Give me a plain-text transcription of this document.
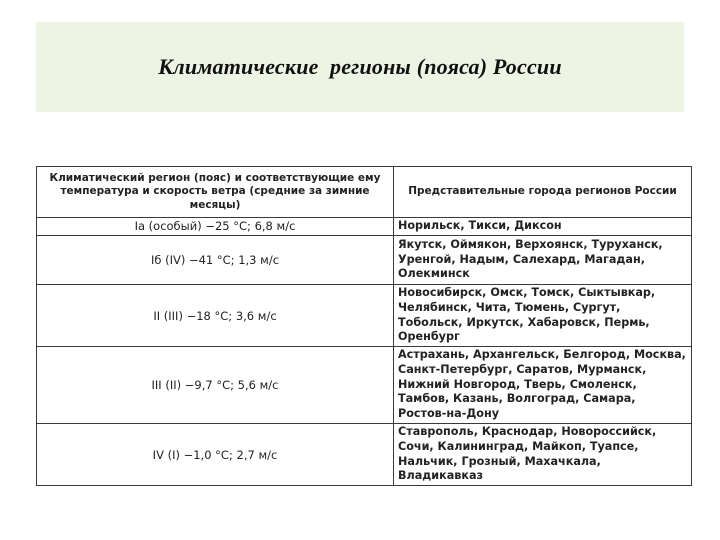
Климатические  регионы (пояса) России
Климатический регион (пояс) и соответствующие ему температура и скорость ветра (средние за зимние месяцы)	Представительные города регионов России
Iа (особый) −25 °С; 6,8 м/с	Норильск, Тикси, Диксон
Iб (IV) −41 °С; 1,3 м/с	Якутск, Оймякон, Верхоянск, Туруханск, Уренгой, Надым, Салехард, Магадан, Олекминск
II (III) −18 °С; 3,6 м/с	Новосибирск, Омск, Томск, Сыктывкар, Челябинск, Чита, Тюмень, Сургут, Тобольск, Иркутск, Хабаровск, Пермь, Оренбург
III (II) −9,7 °С; 5,6 м/с	Астрахань, Архангельск, Белгород, Москва, Санкт-Петербург, Саратов, Мурманск, Нижний Новгород, Тверь, Смоленск, Тамбов, Казань, Волгоград, Самара, Ростов-на-Дону
IV (I) −1,0 °С; 2,7 м/с	Ставрополь, Краснодар, Новороссийск, Сочи, Калининград, Майкоп, Туапсе, Нальчик, Грозный, Махачкала, Владикавказ
